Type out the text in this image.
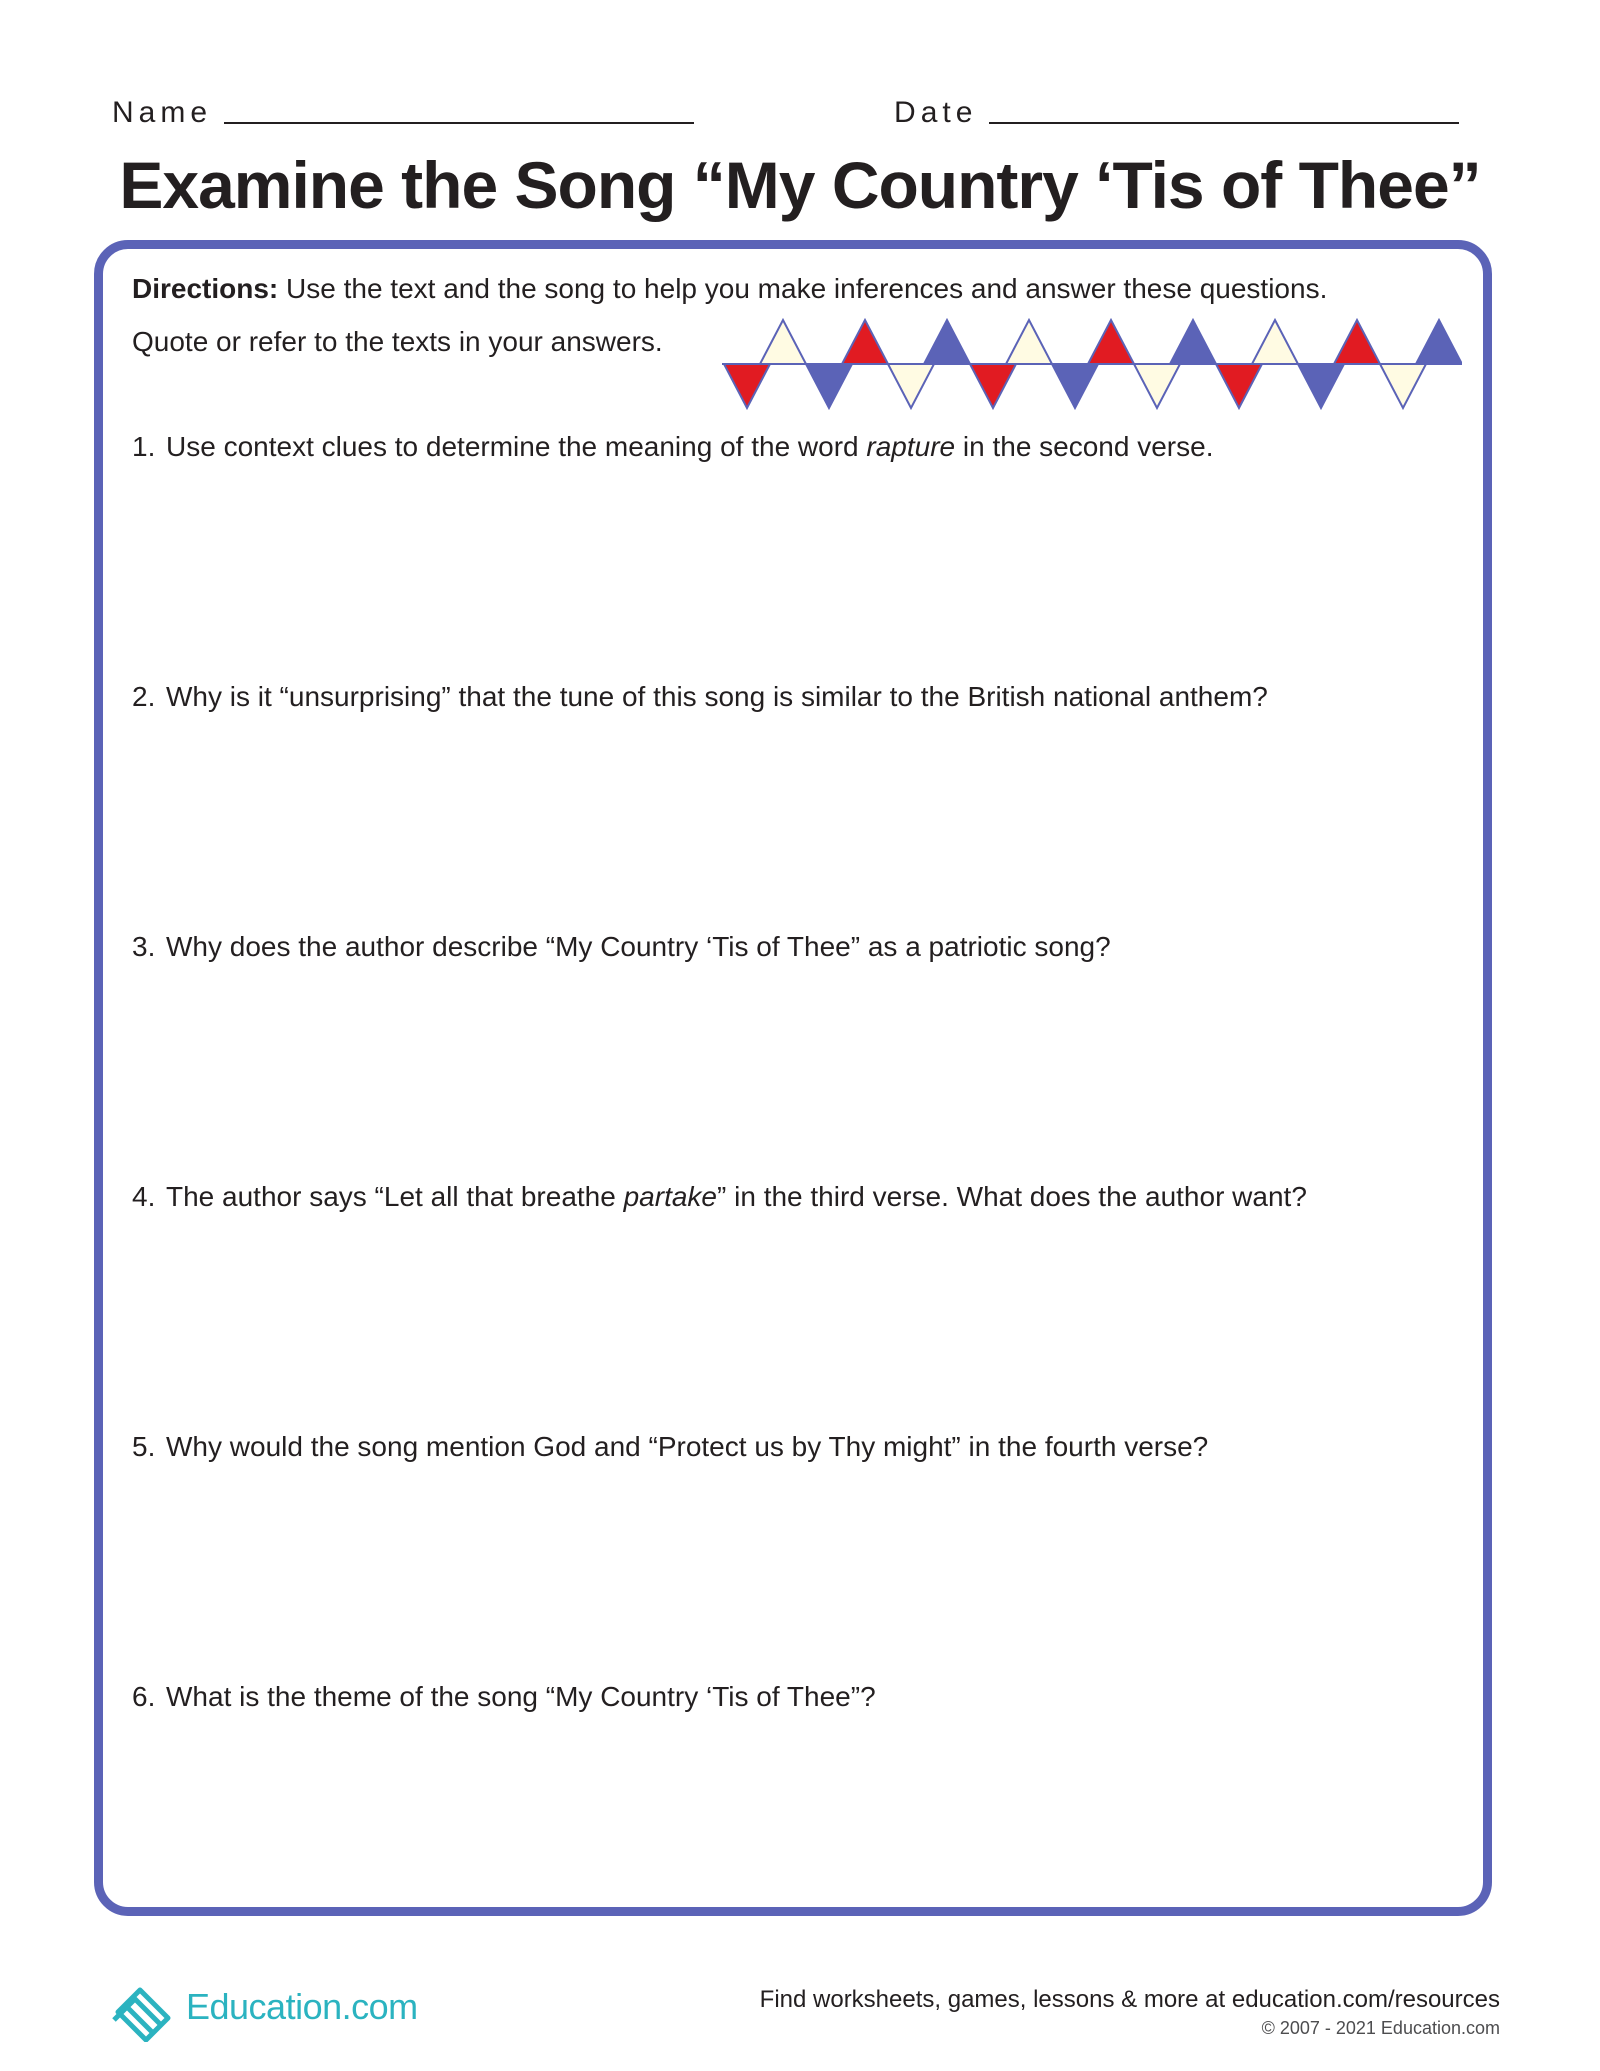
Name	Date
Examine the Song “My Country ‘Tis of Thee”
Directions: Use the text and the song to help you make inferences and answer these questions.
Quote or refer to the texts in your answers.
1. Use context clues to determine the meaning of the word rapture in the second verse.
2. Why is it “unsurprising” that the tune of this song is similar to the British national anthem?
3. Why does the author describe “My Country ‘Tis of Thee” as a patriotic song?
4. The author says “Let all that breathe partake” in the third verse. What does the author want?
5. Why would the song mention God and “Protect us by Thy might” in the fourth verse?
6. What is the theme of the song “My Country ‘Tis of Thee”?
Education.com	Find worksheets, games, lessons & more at education.com/resources
© 2007 - 2021 Education.com
